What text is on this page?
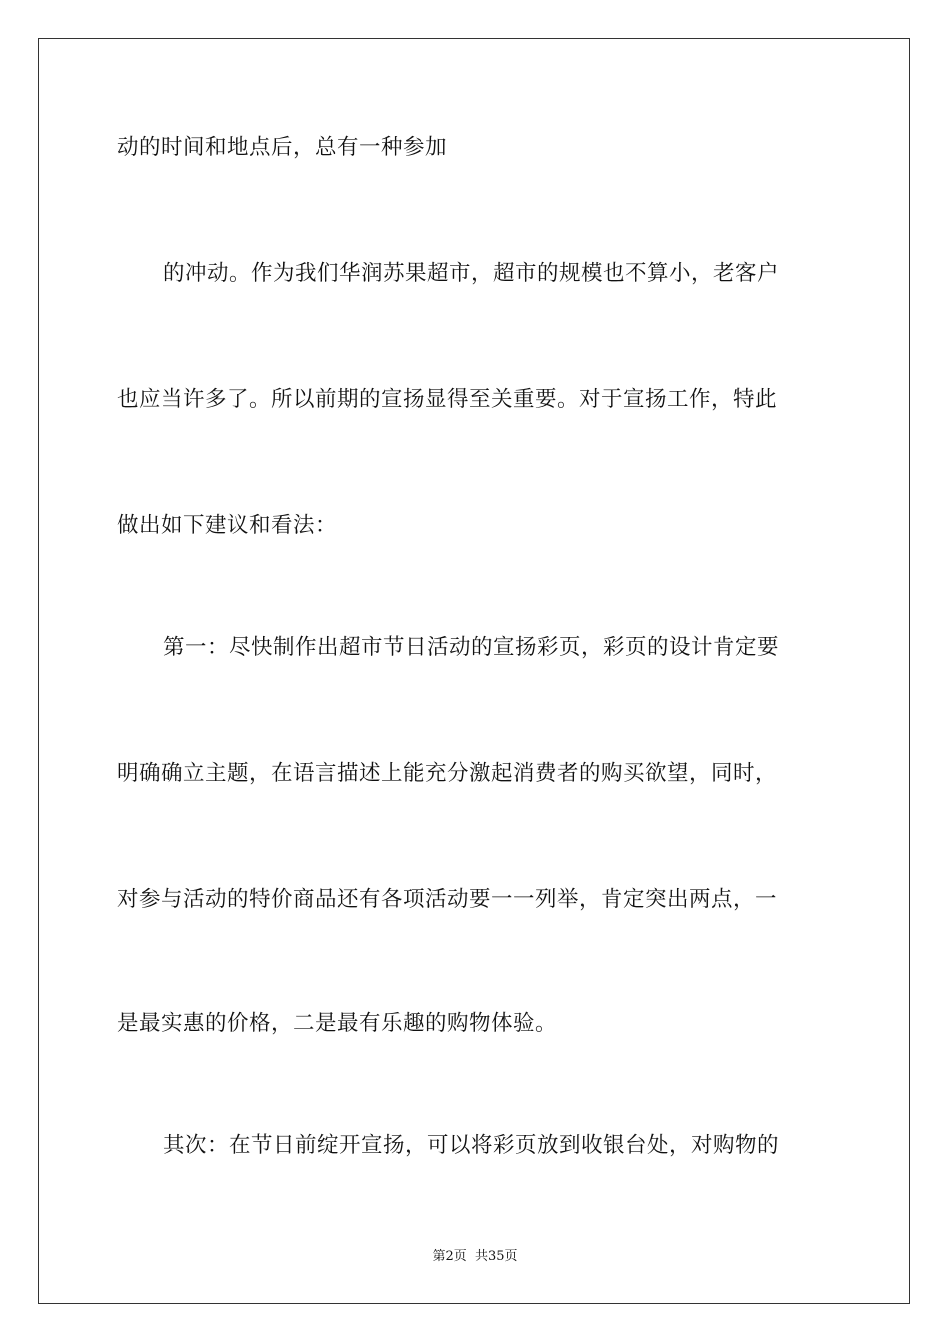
动的时间和地点后，总有一种参加
的冲动。作为我们华润苏果超市，超市的规模也不算小，老客户
也应当许多了。所以前期的宣扬显得至关重要。对于宣扬工作，特此
做出如下建议和看法：
第一：尽快制作出超市节日活动的宣扬彩页，彩页的设计肯定要
明确确立主题，在语言描述上能充分激起消费者的购买欲望，同时，
对参与活动的特价商品还有各项活动要一一列举，肯定突出两点，一
是最实惠的价格，二是最有乐趣的购物体验。
其次：在节日前绽开宣扬，可以将彩页放到收银台处，对购物的
第2页 共35页
